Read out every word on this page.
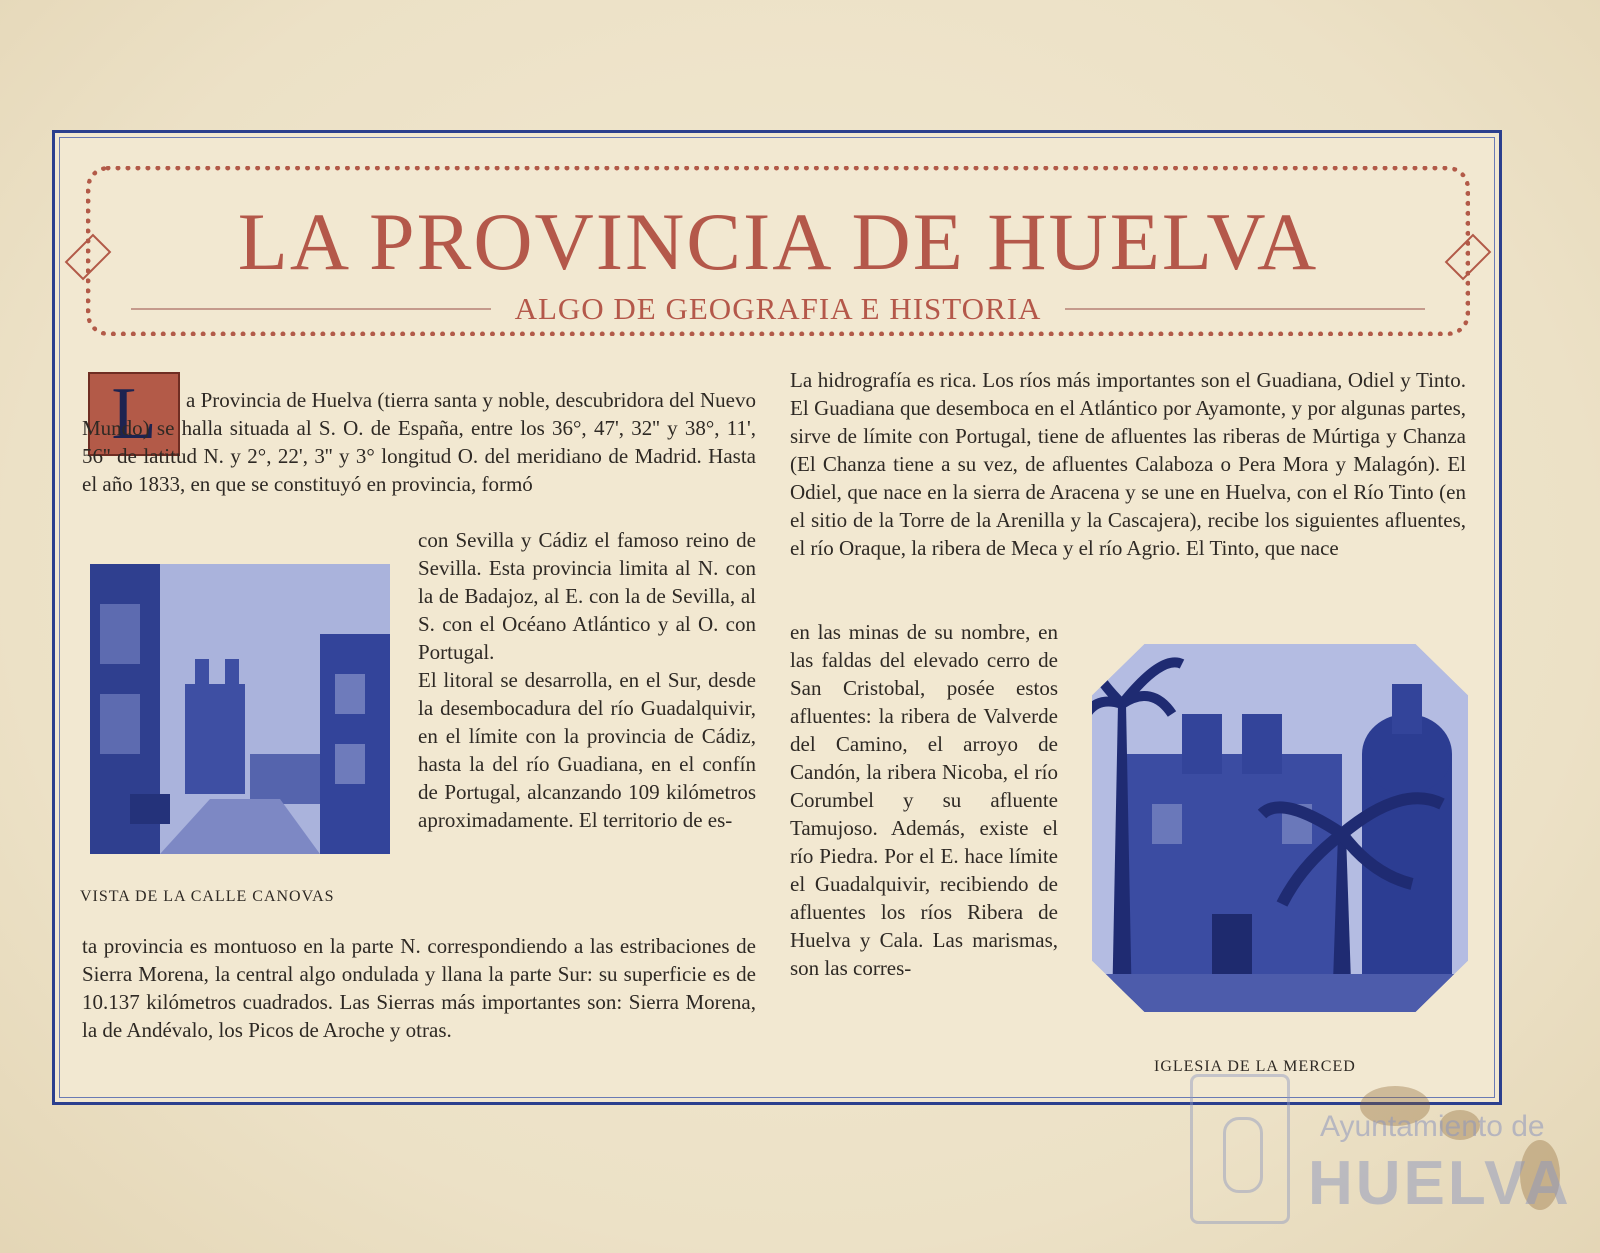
LA PROVINCIA DE HUELVA
ALGO DE GEOGRAFIA E HISTORIA
L	a Provincia de Huelva (tierra santa y noble, descubridora del Nuevo Mundo) se halla situada al S. O. de España, entre los 36°, 47', 32'' y 38°, 11', 56'' de latitud N. y 2°, 22', 3'' y 3° longitud O. del meridiano de Madrid. Hasta el año 1833, en que se constituyó en provincia, formó

VISTA DE LA CALLE CANOVAS

con Sevilla y Cádiz el famoso reino de Sevilla. Esta provincia limita al N. con la de Badajoz, al E. con la de Sevilla, al S. con el Océano Atlántico y al O. con Portugal.

El litoral se desarrolla, en el Sur, desde la desembocadura del río Guadalquivir, en el límite con la provincia de Cádiz, hasta la del río Guadiana, en el confín de Portugal, alcanzando 109 kilómetros aproximadamente. El territorio de es-

ta provincia es montuoso en la parte N. correspondiendo a las estribaciones de Sierra Morena, la central algo ondulada y llana la parte Sur: su superficie es de 10.137 kilómetros cuadrados. Las Sierras más importantes son: Sierra Morena, la de Andévalo, los Picos de Aroche y otras.

La hidrografía es rica. Los ríos más importantes son el Guadiana, Odiel y Tinto. El Guadiana que desemboca en el Atlántico por Ayamonte, y por algunas partes, sirve de límite con Portugal, tiene de afluentes las riberas de Múrtiga y Chanza (El Chanza tiene a su vez, de afluentes Calaboza o Pera Mora y Malagón). El Odiel, que nace en la sierra de Aracena y se une en Huelva, con el Río Tinto (en el sitio de la Torre de la Arenilla y la Cascajera), recibe los siguientes afluentes, el río Oraque, la ribera de Meca y el río Agrio. El Tinto, que nace

en las minas de su nombre, en las faldas del elevado cerro de San Cristobal, posée estos afluentes: la ribera de Valverde del Camino, el arroyo de Candón, la ribera Nicoba, el río Corumbel y su afluente Tamujoso. Además, existe el río Piedra. Por el E. hace límite el Guadalquivir, recibiendo de afluentes los ríos Ribera de Huelva y Cala. Las marismas, son las corres-

IGLESIA DE LA MERCED
Ayuntamiento de
HUELVA
